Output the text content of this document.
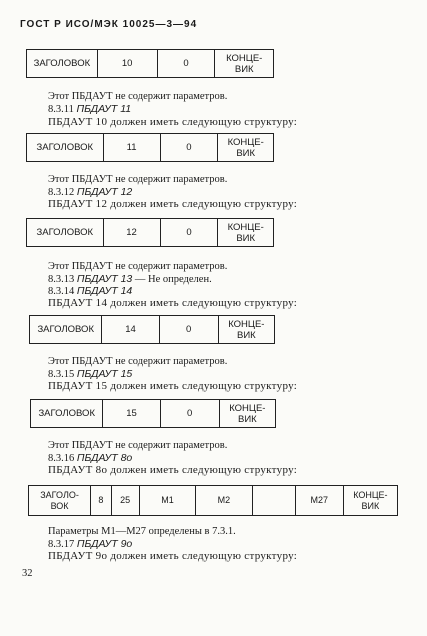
ГОСТ Р ИСО/МЭК 10025—3—94
ЗАГОЛОВОК	10	0	КОНЦЕ-
ВИК
Этот ПБДАУТ не содержит параметров.
8.3.11 ПБДАУТ 11
ПБДАУТ 10 должен иметь следующую структуру:
ЗАГОЛОВОК	11	0	КОНЦЕ-
ВИК
Этот ПБДАУТ не содержит параметров.
8.3.12 ПБДАУТ 12
ПБДАУТ 12 должен иметь следующую структуру:
ЗАГОЛОВОК	12	0	КОНЦЕ-
ВИК
Этот ПБДАУТ не содержит параметров.
8.3.13 ПБДАУТ 13 — Не определен.
8.3.14 ПБДАУТ 14
ПБДАУТ 14 должен иметь следующую структуру:
ЗАГОЛОВОК	14	0	КОНЦЕ-
ВИК
Этот ПБДАУТ не содержит параметров.
8.3.15 ПБДАУТ 15
ПБДАУТ 15 должен иметь следующую структуру:
ЗАГОЛОВОК	15	0	КОНЦЕ-
ВИК
Этот ПБДАУТ не содержит параметров.
8.3.16 ПБДАУТ 8о
ПБДАУТ 8о должен иметь следующую структуру:
ЗАГОЛО-
ВОК	8	25	M1	M2		M27	КОНЦЕ-
ВИК
Параметры M1—M27 определены в 7.3.1.
8.3.17 ПБДАУТ 9о
ПБДАУТ 9о должен иметь следующую структуру:
32
